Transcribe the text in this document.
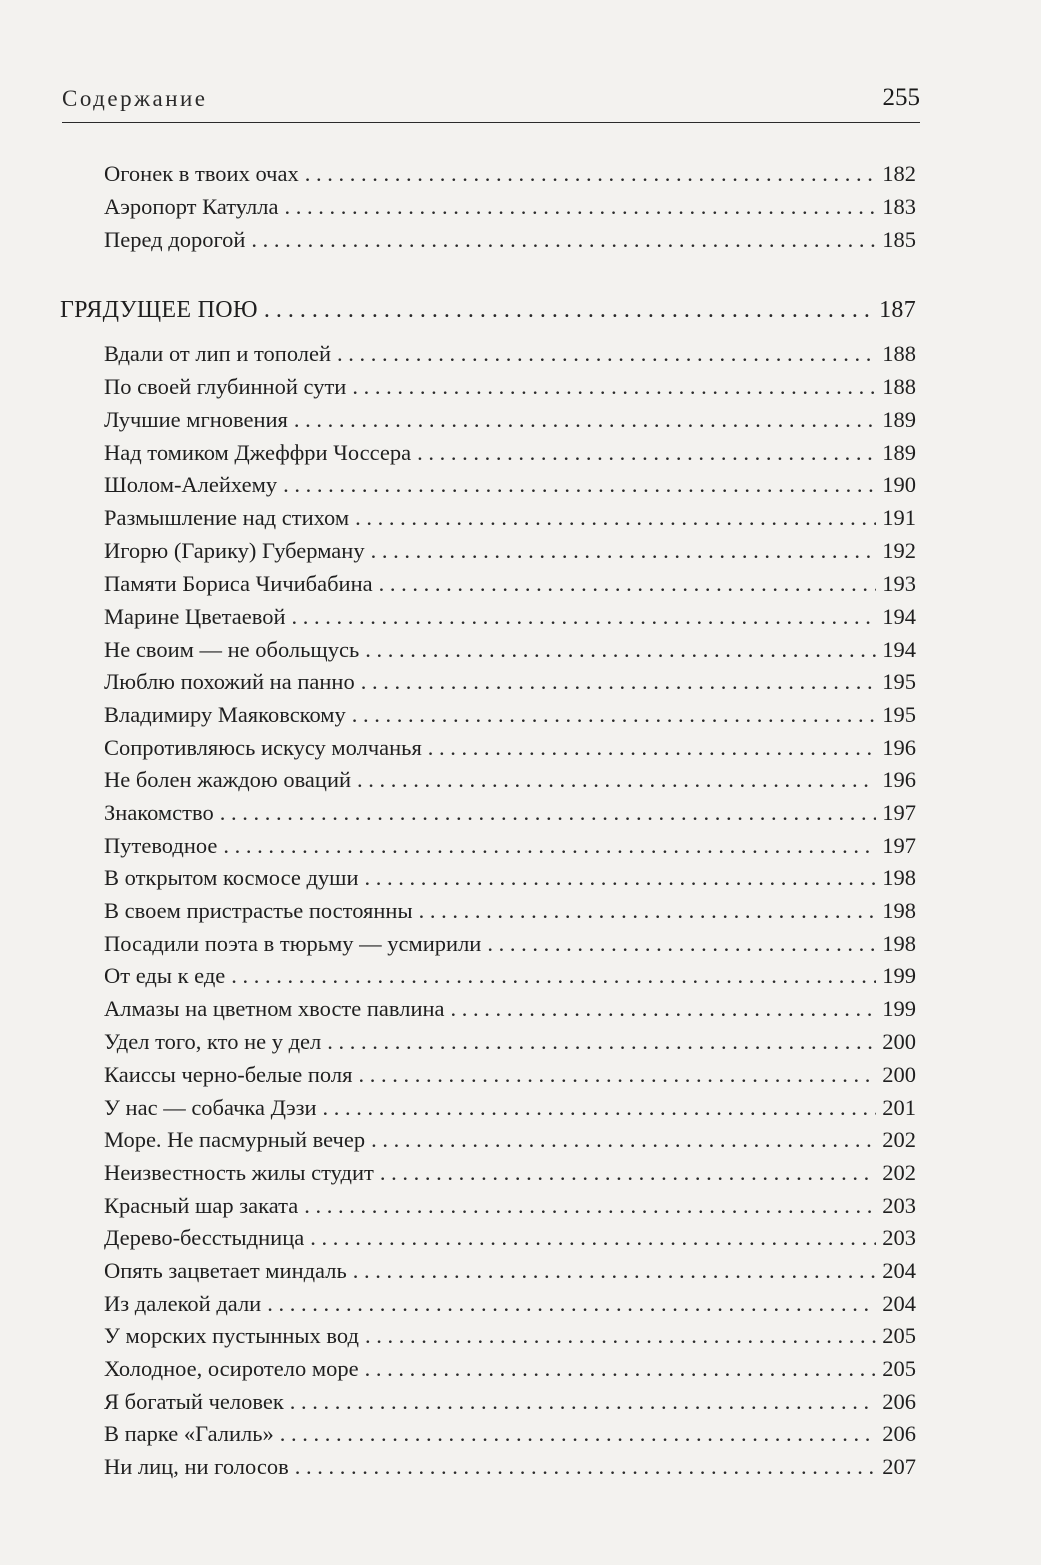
Содержание	255
Огонек в твоих очах . . .	182
Аэропорт Катулла . . .	183
Перед дорогой . . .	185
ГРЯДУЩЕЕ ПОЮ . . .	187
Вдали от лип и тополей . . .	188
По своей глубинной сути . . .	188
Лучшие мгновения . . .	189
Над томиком Джеффри Чоссера . . .	189
Шолом-Алейхему . . .	190
Размышление над стихом . . .	191
Игорю (Гарику) Губерману . . .	192
Памяти Бориса Чичибабина . . .	193
Марине Цветаевой . . .	194
Не своим — не обольщусь . . .	194
Люблю похожий на панно . . .	195
Владимиру Маяковскому . . .	195
Сопротивляюсь искусу молчанья . . .	196
Не болен жаждою оваций . . .	196
Знакомство . . .	197
Путеводное . . .	197
В открытом космосе души . . .	198
В своем пристрастье постоянны . . .	198
Посадили поэта в тюрьму — усмирили . . .	198
От еды к еде . . .	199
Алмазы на цветном хвосте павлина . . .	199
Удел того, кто не у дел . . .	200
Каиссы черно-белые поля . . .	200
У нас — собачка Дэзи . . .	201
Море. Не пасмурный вечер . . .	202
Неизвестность жилы студит . . .	202
Красный шар заката . . .	203
Дерево-бесстыдница . . .	203
Опять зацветает миндаль . . .	204
Из далекой дали . . .	204
У морских пустынных вод . . .	205
Холодное, осиротело море . . .	205
Я богатый человек . . .	206
В парке «Галиль» . . .	206
Ни лиц, ни голосов . . .	207
